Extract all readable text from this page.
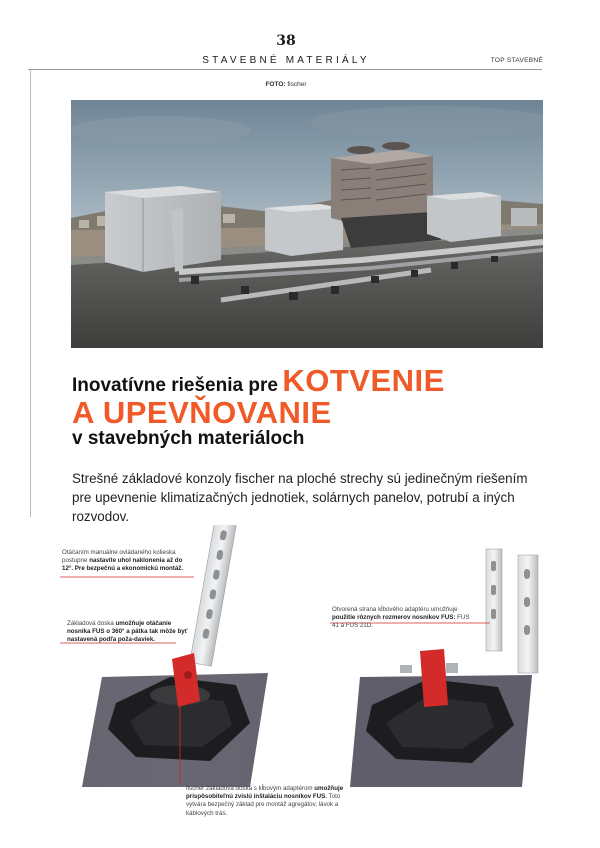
38
STAVEBNÉ MATERIÁLY	TOP STAVEBNÉ
FOTO: fischer
Inovatívne riešenia pre KOTVENIE
A UPEVŇOVANIE
v stavebných materiáloch
Strešné základové konzoly fischer na ploché strechy sú jedinečným riešením pre upevnenie klimatizačných jednotiek, solárnych panelov, potrubí a iných rozvodov.
Otáčaním manuálne ovládaného kolieska postupne nastavíte uhol naklonenia až do 12°. Pre bezpečnú a ekonomickú montáž.
Základová doska umožňuje otáčanie nosníka FUS o 360° a pätka tak môže byť nastavená podľa poža-daviek.
Otvorená strana kĺbového adaptéru umožňuje použitie rôznych rozmerov nosníkov FUS: FUS 41 a FUS 21D.
fischer základová doska s kĺbovým adaptérom umožňuje prispôsobiteľnú zvislú inštaláciu nosníkov FUS. Toto vytvára bezpečný základ pre montáž agregátov, lávok a káblových trás.
